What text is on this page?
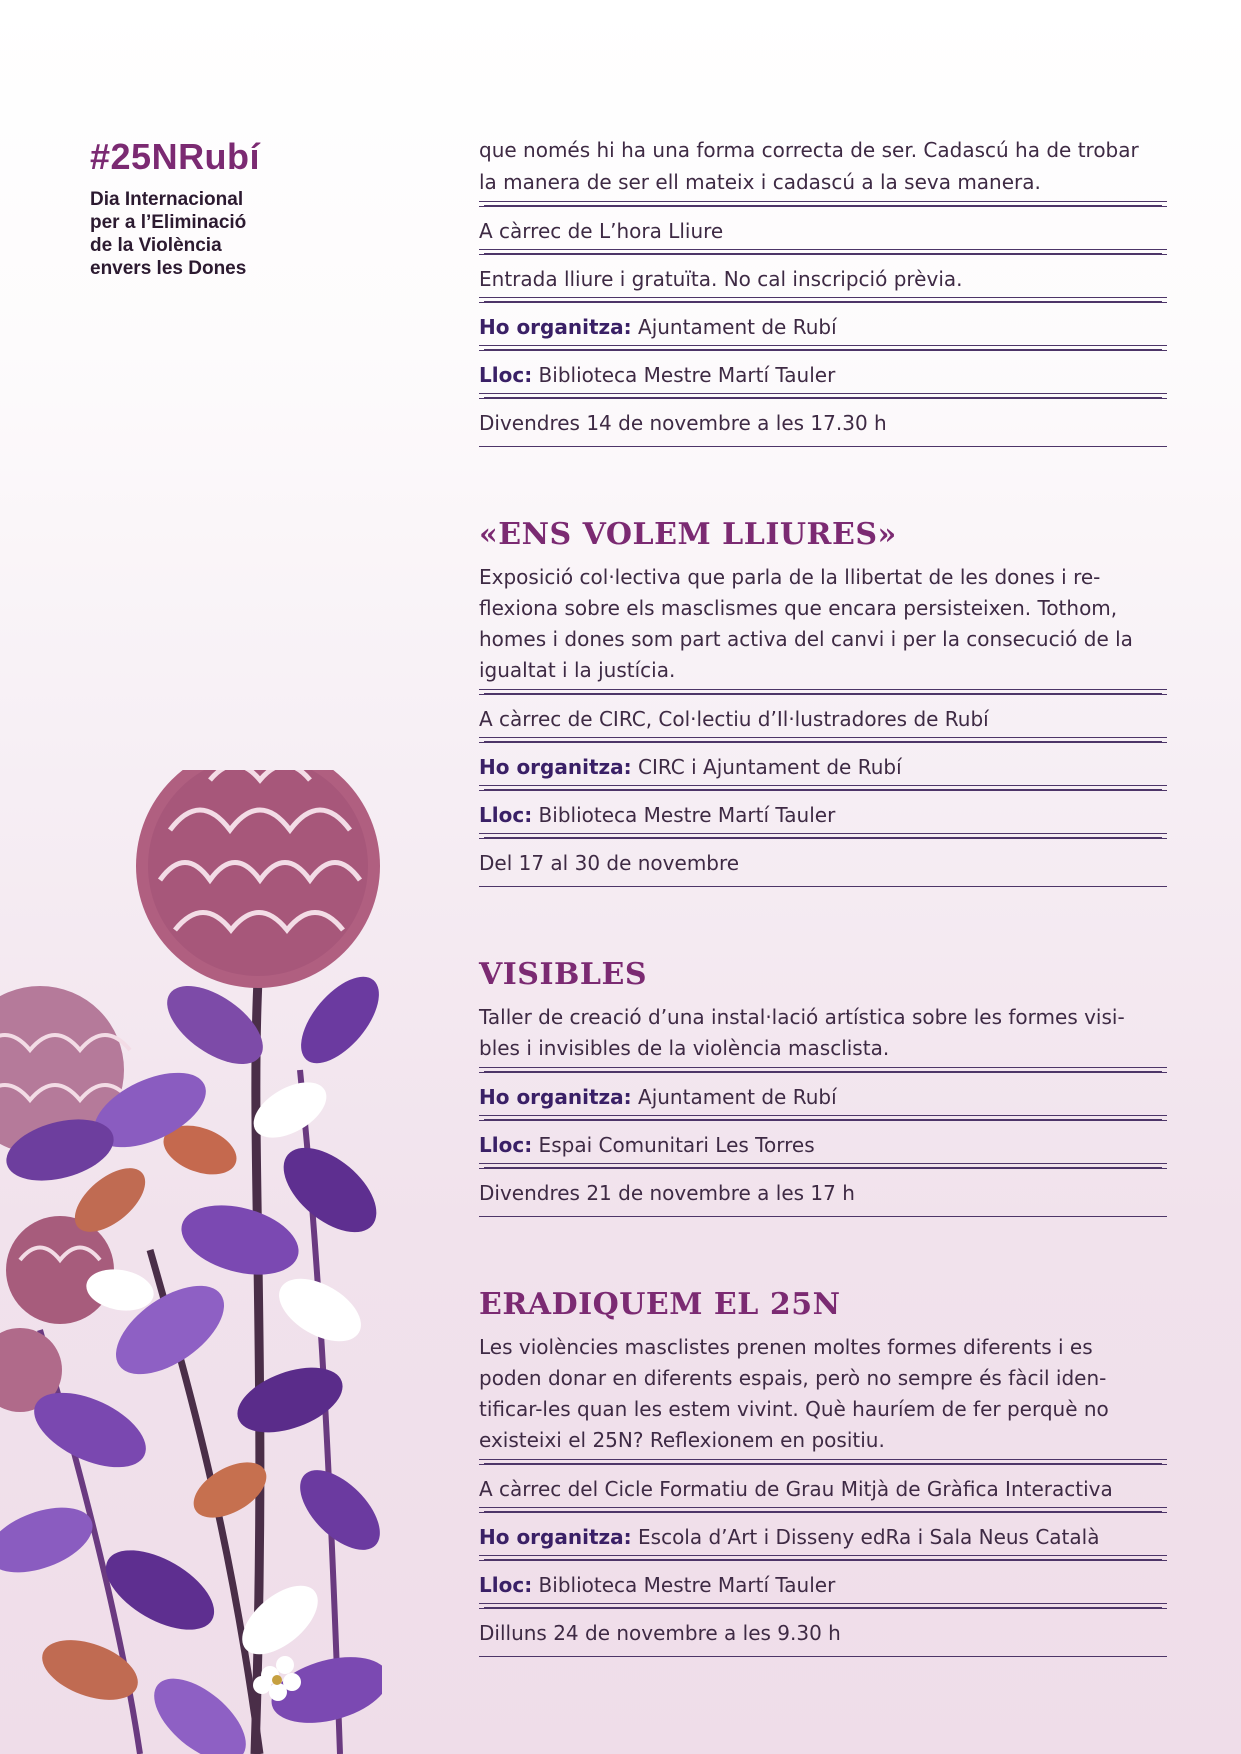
#25NRubí
Dia Internacional
per a l’Eliminació
de la Violència
envers les Dones
que només hi ha una forma correcta de ser. Cadascú ha de trobar
la manera de ser ell mateix i cadascú a la seva manera.
A càrrec de L’hora Lliure
Entrada lliure i gratuïta. No cal inscripció prèvia.
Ho organitza: Ajuntament de Rubí
Lloc: Biblioteca Mestre Martí Tauler
Divendres 14 de novembre a les 17.30 h
«ENS VOLEM LLIURES»
Exposició col·lectiva que parla de la llibertat de les dones i re-
flexiona sobre els masclismes que encara persisteixen. Tothom,
homes i dones som part activa del canvi i per la consecució de la
igualtat i la justícia.
A càrrec de CIRC, Col·lectiu d’Il·lustradores de Rubí
Ho organitza: CIRC i Ajuntament de Rubí
Lloc: Biblioteca Mestre Martí Tauler
Del 17 al 30 de novembre
VISIBLES
Taller de creació d’una instal·lació artística sobre les formes visi-
bles i invisibles de la violència masclista.
Ho organitza: Ajuntament de Rubí
Lloc: Espai Comunitari Les Torres
Divendres 21 de novembre a les 17 h
ERADIQUEM EL 25N
Les violències masclistes prenen moltes formes diferents i es
poden donar en diferents espais, però no sempre és fàcil iden-
tificar-les quan les estem vivint. Què hauríem de fer perquè no
existeixi el 25N? Reflexionem en positiu.
A càrrec del Cicle Formatiu de Grau Mitjà de Gràfica Interactiva
Ho organitza: Escola d’Art i Disseny edRa i Sala Neus Català
Lloc: Biblioteca Mestre Martí Tauler
Dilluns 24 de novembre a les 9.30 h
